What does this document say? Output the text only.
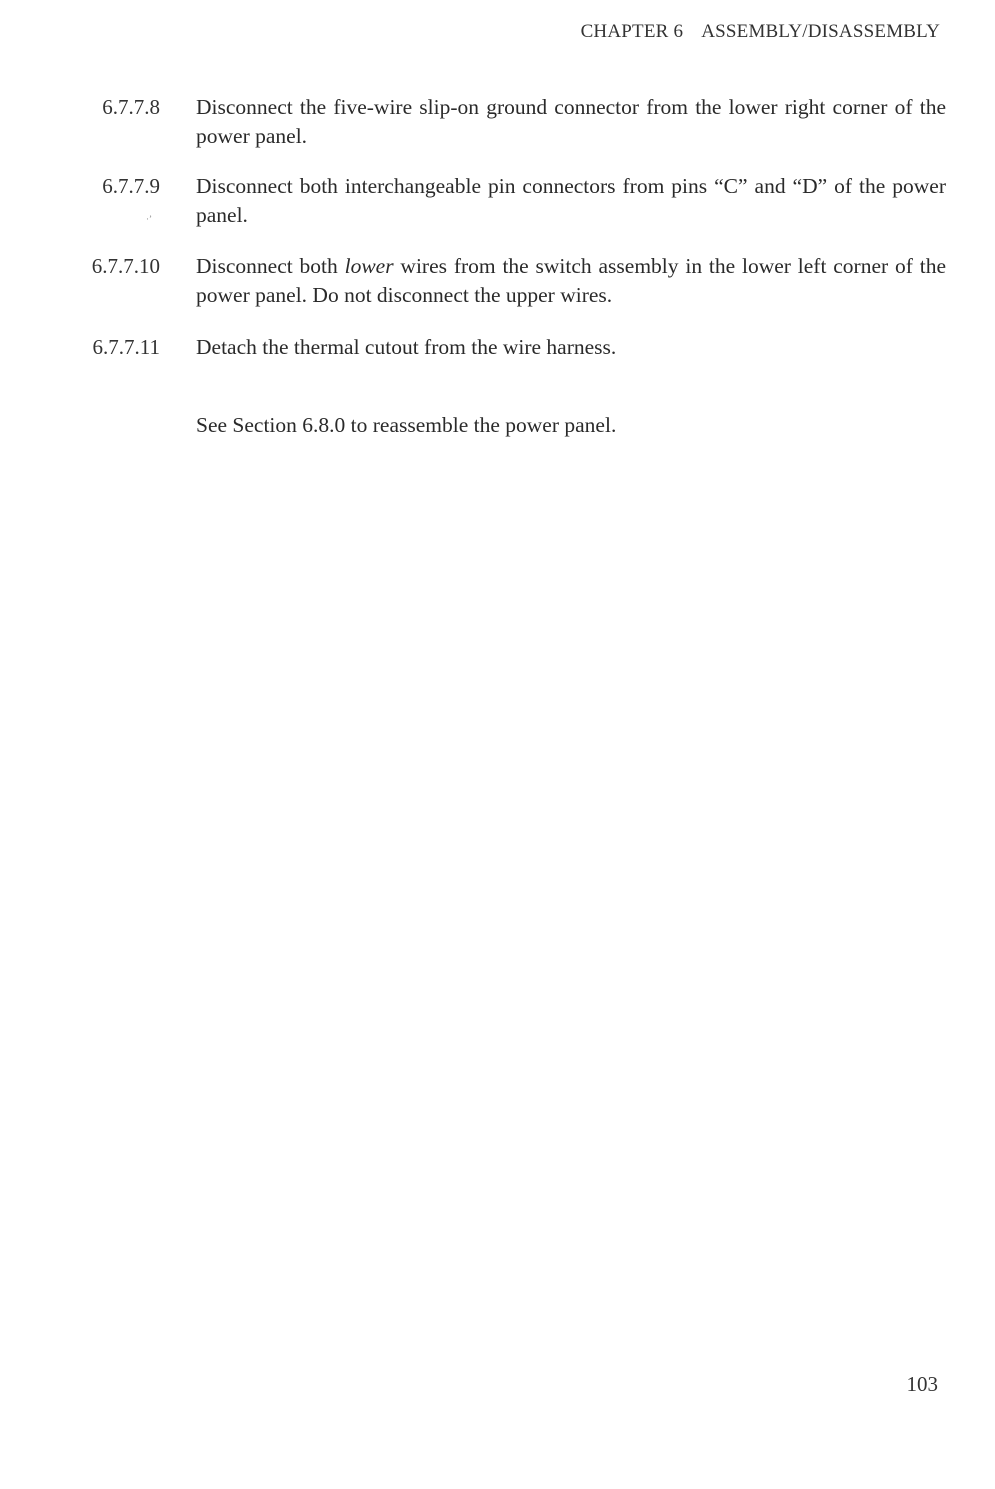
CHAPTER 6 ASSEMBLY/DISASSEMBLY
6.7.7.8 Disconnect the five-wire slip-on ground connector from the lower right corner of the power panel.
6.7.7.9 Disconnect both interchangeable pin connectors from pins “C” and “D” of the power panel.
·’
6.7.7.10 Disconnect both lower wires from the switch assembly in the lower left corner of the power panel. Do not disconnect the upper wires.
6.7.7.11 Detach the thermal cutout from the wire harness.
See Section 6.8.0 to reassemble the power panel.
103
